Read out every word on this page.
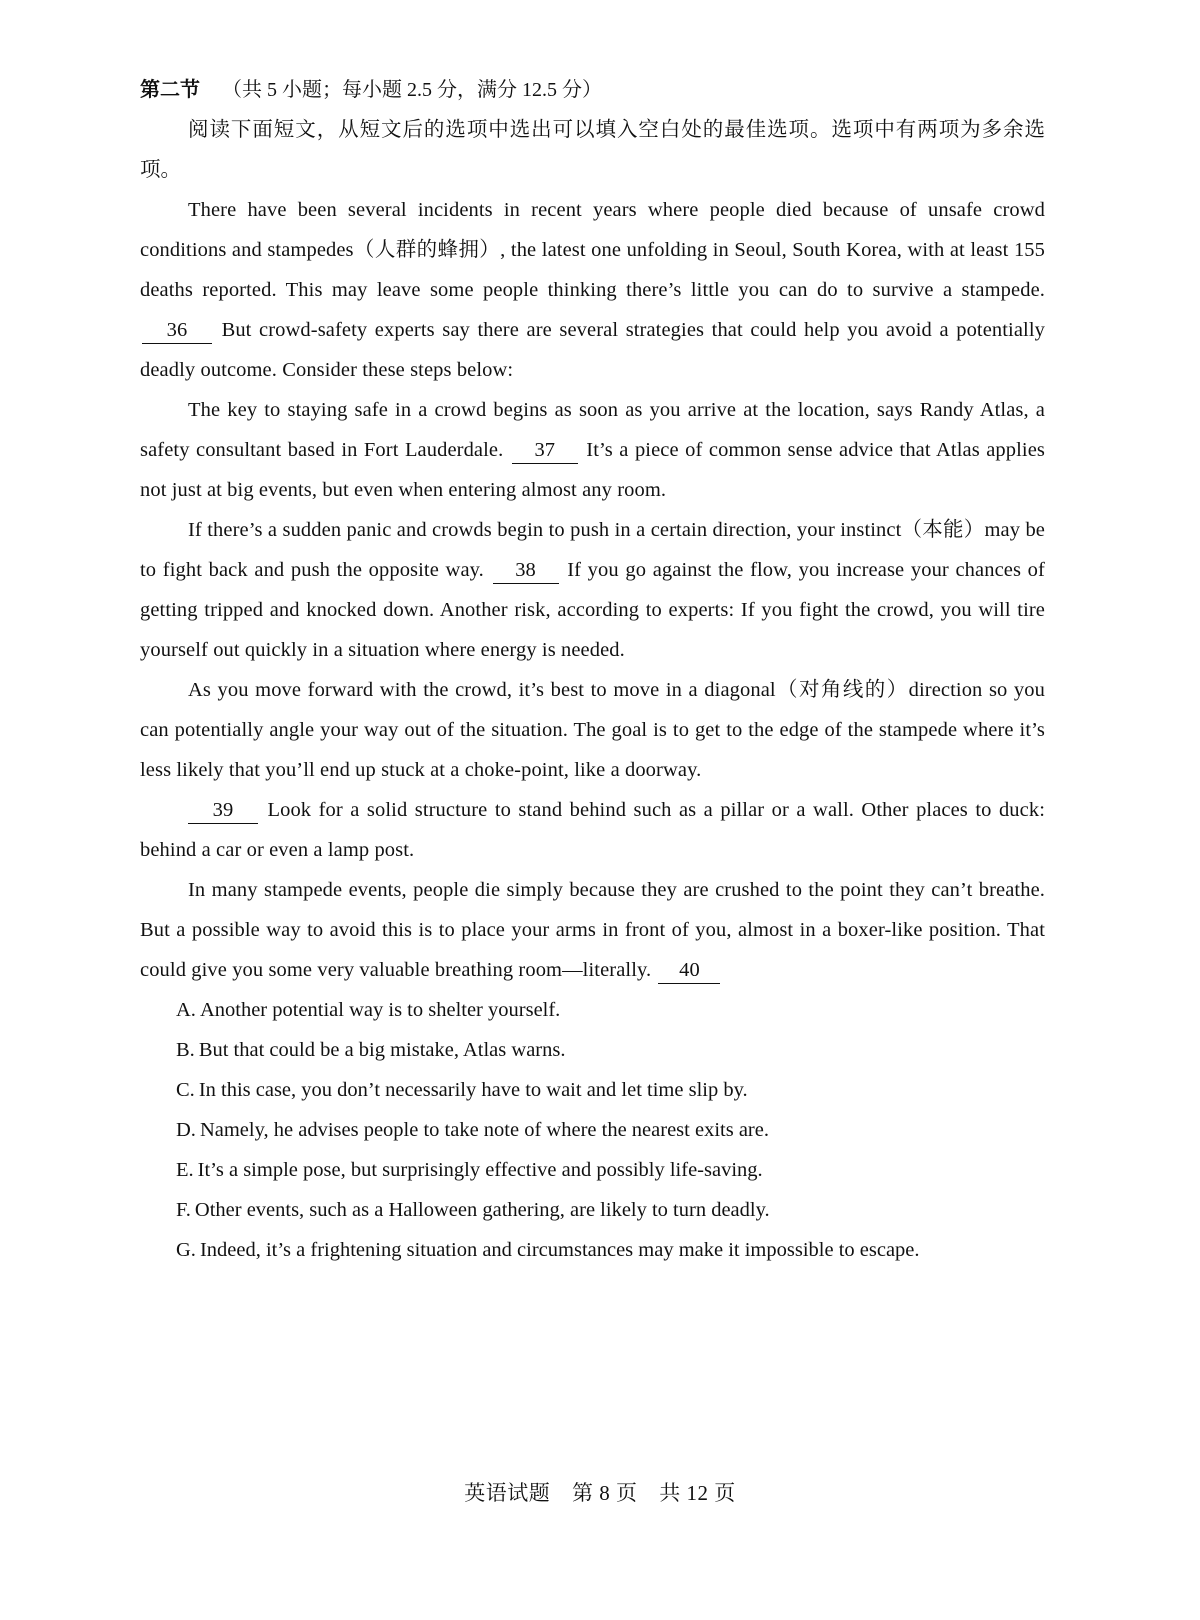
第二节 （共 5 小题；每小题 2.5 分，满分 12.5 分）

阅读下面短文，从短文后的选项中选出可以填入空白处的最佳选项。选项中有两项为多余选项。

There have been several incidents in recent years where people died because of unsafe crowd conditions and stampedes（人群的蜂拥）, the latest one unfolding in Seoul, South Korea, with at least 155 deaths reported. This may leave some people thinking there’s little you can do to survive a stampede. 36 But crowd-safety experts say there are several strategies that could help you avoid a potentially deadly outcome. Consider these steps below:

The key to staying safe in a crowd begins as soon as you arrive at the location, says Randy Atlas, a safety consultant based in Fort Lauderdale. 37 It’s a piece of common sense advice that Atlas applies not just at big events, but even when entering almost any room.

If there’s a sudden panic and crowds begin to push in a certain direction, your instinct（本能）may be to fight back and push the opposite way. 38 If you go against the flow, you increase your chances of getting tripped and knocked down. Another risk, according to experts: If you fight the crowd, you will tire yourself out quickly in a situation where energy is needed.

As you move forward with the crowd, it’s best to move in a diagonal（对角线的）direction so you can potentially angle your way out of the situation. The goal is to get to the edge of the stampede where it’s less likely that you’ll end up stuck at a choke-point, like a doorway.

39 Look for a solid structure to stand behind such as a pillar or a wall. Other places to duck: behind a car or even a lamp post.

In many stampede events, people die simply because they are crushed to the point they can’t breathe. But a possible way to avoid this is to place your arms in front of you, almost in a boxer-like position. That could give you some very valuable breathing room—literally. 40

A. Another potential way is to shelter yourself.
B. But that could be a big mistake, Atlas warns.
C. In this case, you don’t necessarily have to wait and let time slip by.
D. Namely, he advises people to take note of where the nearest exits are.
E. It’s a simple pose, but surprisingly effective and possibly life-saving.
F. Other events, such as a Halloween gathering, are likely to turn deadly.
G. Indeed, it’s a frightening situation and circumstances may make it impossible to escape.
英语试题 第 8 页 共 12 页
